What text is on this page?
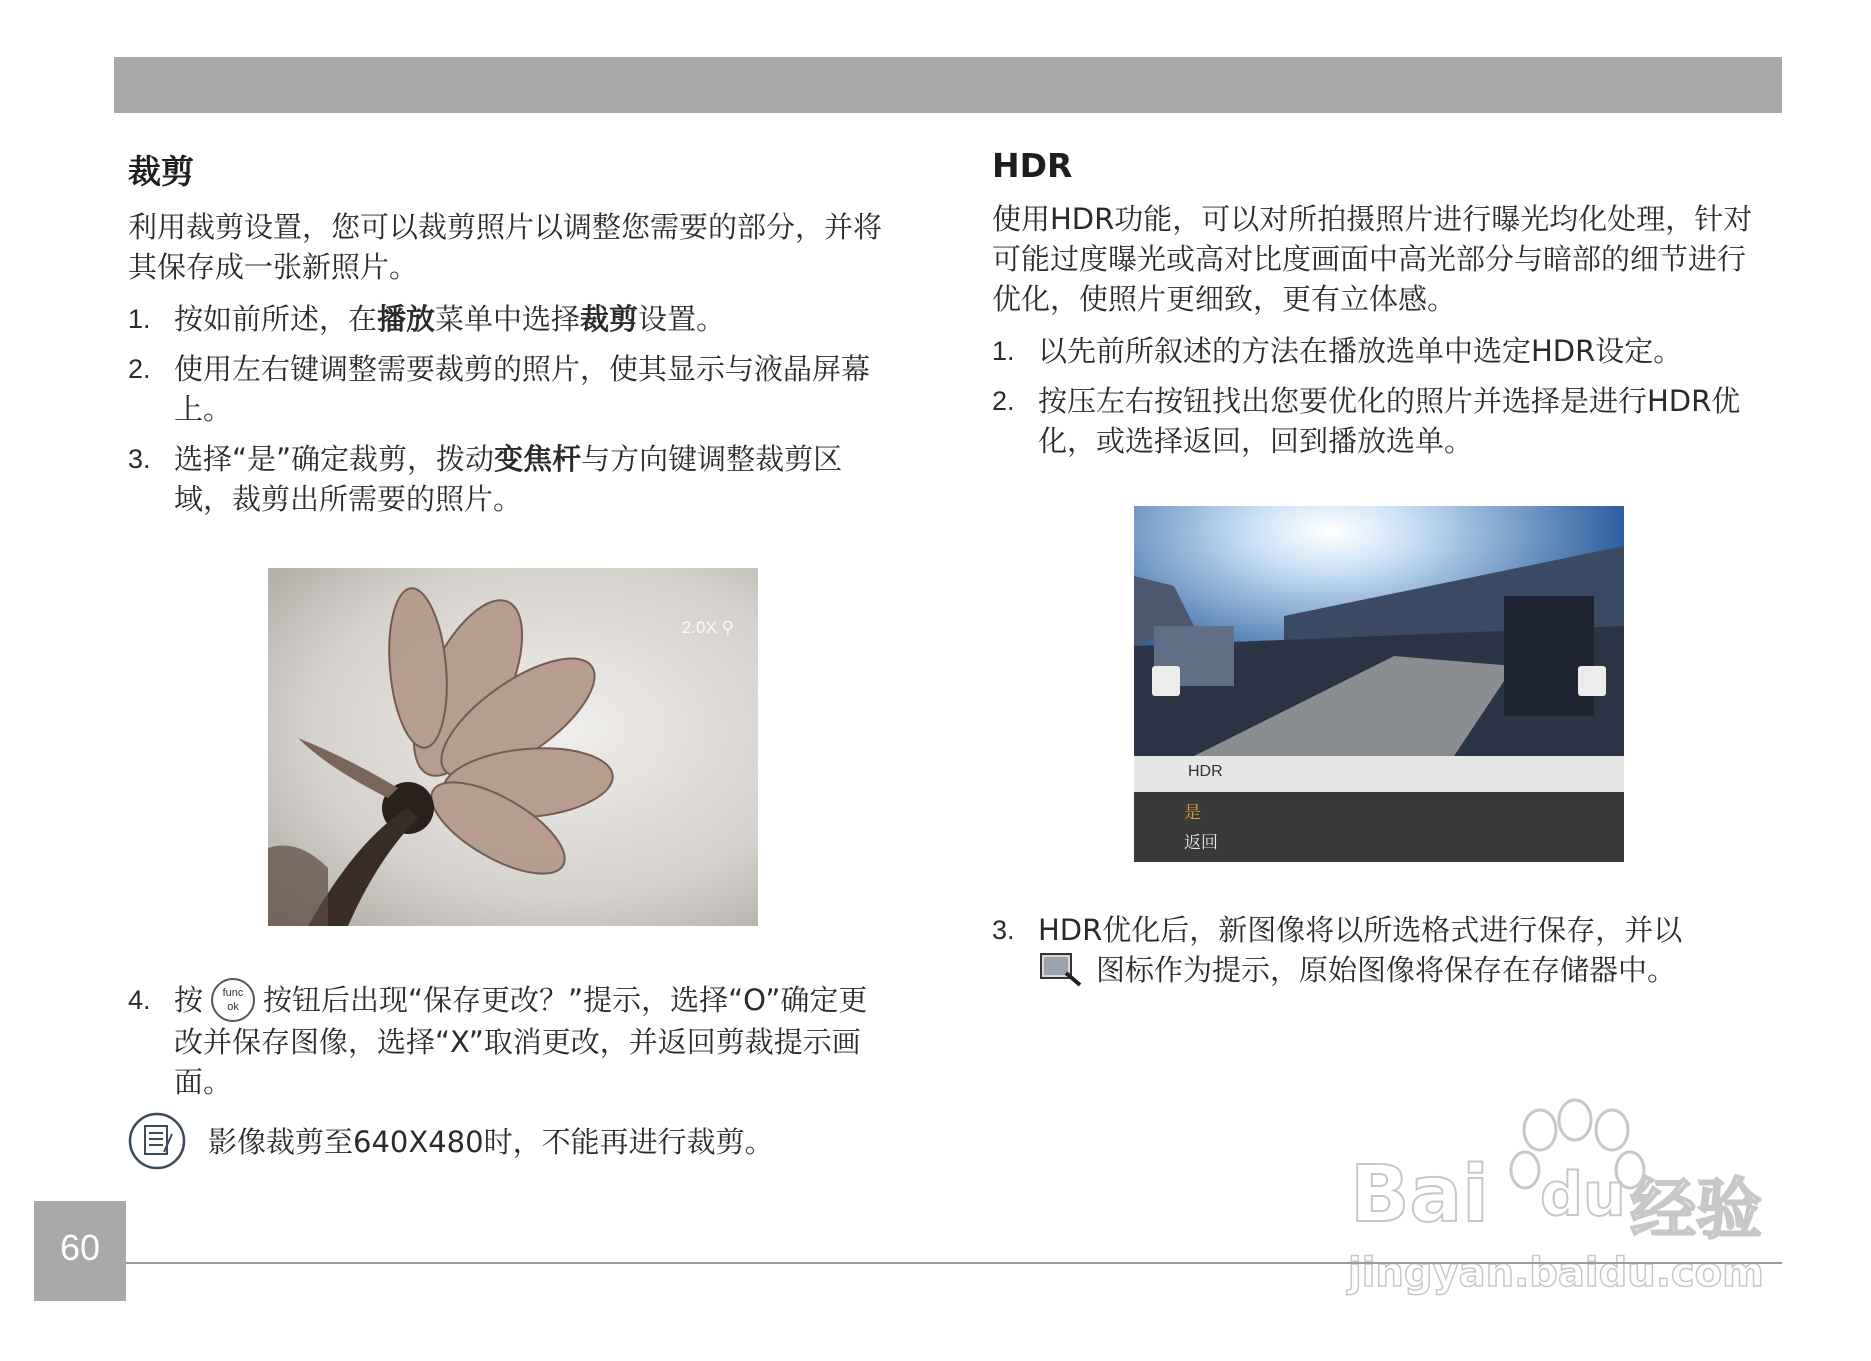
裁剪

利用裁剪设置，您可以裁剪照片以调整您需要的部分，并将其保存成一张新照片。

1. 按如前所述，在播放菜单中选择裁剪设置。
2. 使用左右键调整需要裁剪的照片，使其显示与液晶屏幕上。
3. 选择“是”确定裁剪，拨动变焦杆与方向键调整裁剪区域，裁剪出所需要的照片。
2.0X ⚲
4. 按 func
ok 按钮后出现“保存更改？”提示，选择“O”确定更改并保存图像，选择“X”取消更改，并返回剪裁提示画面。
影像裁剪至640X480时，不能再进行裁剪。
HDR

使用HDR功能，可以对所拍摄照片进行曝光均化处理，针对可能过度曝光或高对比度画面中高光部分与暗部的细节进行优化，使照片更细致，更有立体感。

1. 以先前所叙述的方法在播放选单中选定HDR设定。
2. 按压左右按钮找出您要优化的照片并选择是进行HDR优化，或选择返回，回到播放选单。
HDR
是
返回
3. HDR优化后，新图像将以所选格式进行保存，并以
图标作为提示，原始图像将保存在存储器中。
60
Bai du 经验
jingyan.baidu.com
